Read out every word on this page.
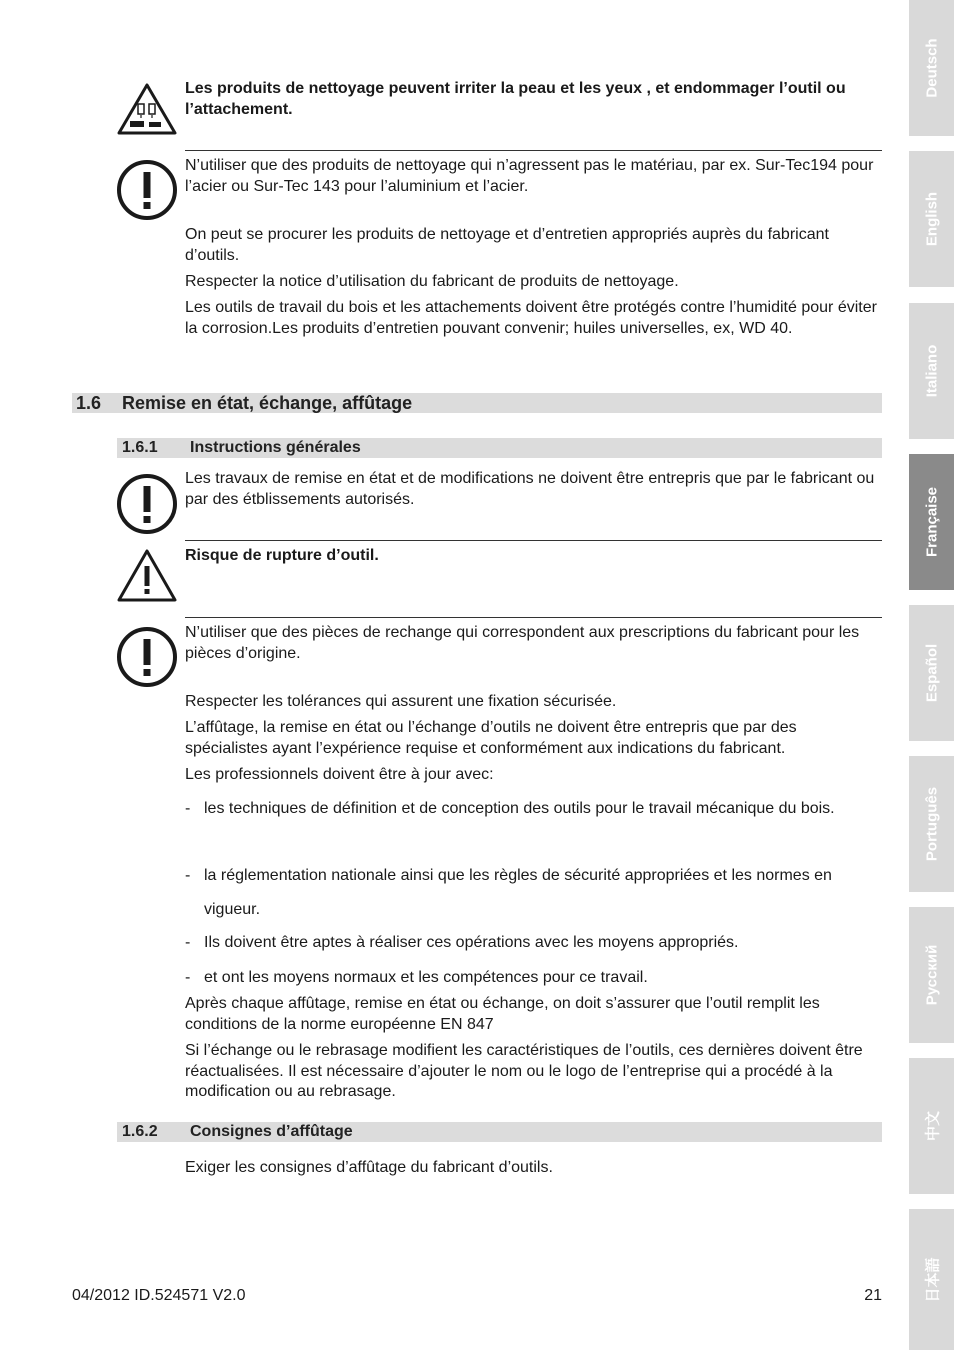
Les produits de nettoyage peuvent irriter la peau et les yeux , et endommager l’outil ou l’attachement.
N’utiliser que des produits de nettoyage qui n’agressent pas le matériau, par ex. Sur-Tec194 pour l’acier ou Sur-Tec 143 pour l’aluminium et l’acier.
On peut se procurer les produits de nettoyage et d’entretien appropriés auprès du fabricant d’outils.
Respecter la notice d’utilisation du fabricant de produits de nettoyage.
Les outils de travail du bois et les attachements doivent être protégés contre l’humidité pour éviter la corrosion.Les produits d’entretien pouvant convenir; huiles universelles, ex, WD 40.
1.6 Remise en état, échange, affûtage
1.6.1 Instructions générales
Les travaux de remise en état et de modifications ne doivent être entrepris que par le fabricant ou par des étblissements autorisés.
Risque de rupture d’outil.
N’utiliser que des pièces de rechange qui correspondent aux prescriptions du fabricant pour les pièces d’origine.
Respecter les tolérances qui assurent une fixation sécurisée.
L’affûtage, la remise en état ou l’échange d’outils ne doivent être entrepris que par des spécialistes ayant l’expérience requise et conformément aux indications du fabricant.
Les professionnels doivent être à jour avec:
- les techniques de définition et de conception des outils pour le travail mécanique du bois.
- la réglementation nationale ainsi que les règles de sécurité appropriées et les normes en vigueur.
- Ils doivent être aptes à réaliser ces opérations avec les moyens appropriés.
- et ont les moyens normaux et les compétences pour ce travail.
Après chaque affûtage, remise en état ou échange, on doit s’assurer que l’outil remplit les conditions de la norme européenne EN 847
Si l’échange ou le rebrasage modifient les caractéristiques de l’outils, ces dernières doivent être réactualisées. Il est nécessaire d’ajouter le nom ou le logo de l’entreprise qui a procédé à la modification ou au rebrasage.
1.6.2 Consignes d’affûtage
Exiger les consignes d’affûtage du fabricant d’outils.
04/2012 ID.524571 V2.0	21
Deutsch
English
Italiano
Française
Español
Português
Русский
中文
日本語
